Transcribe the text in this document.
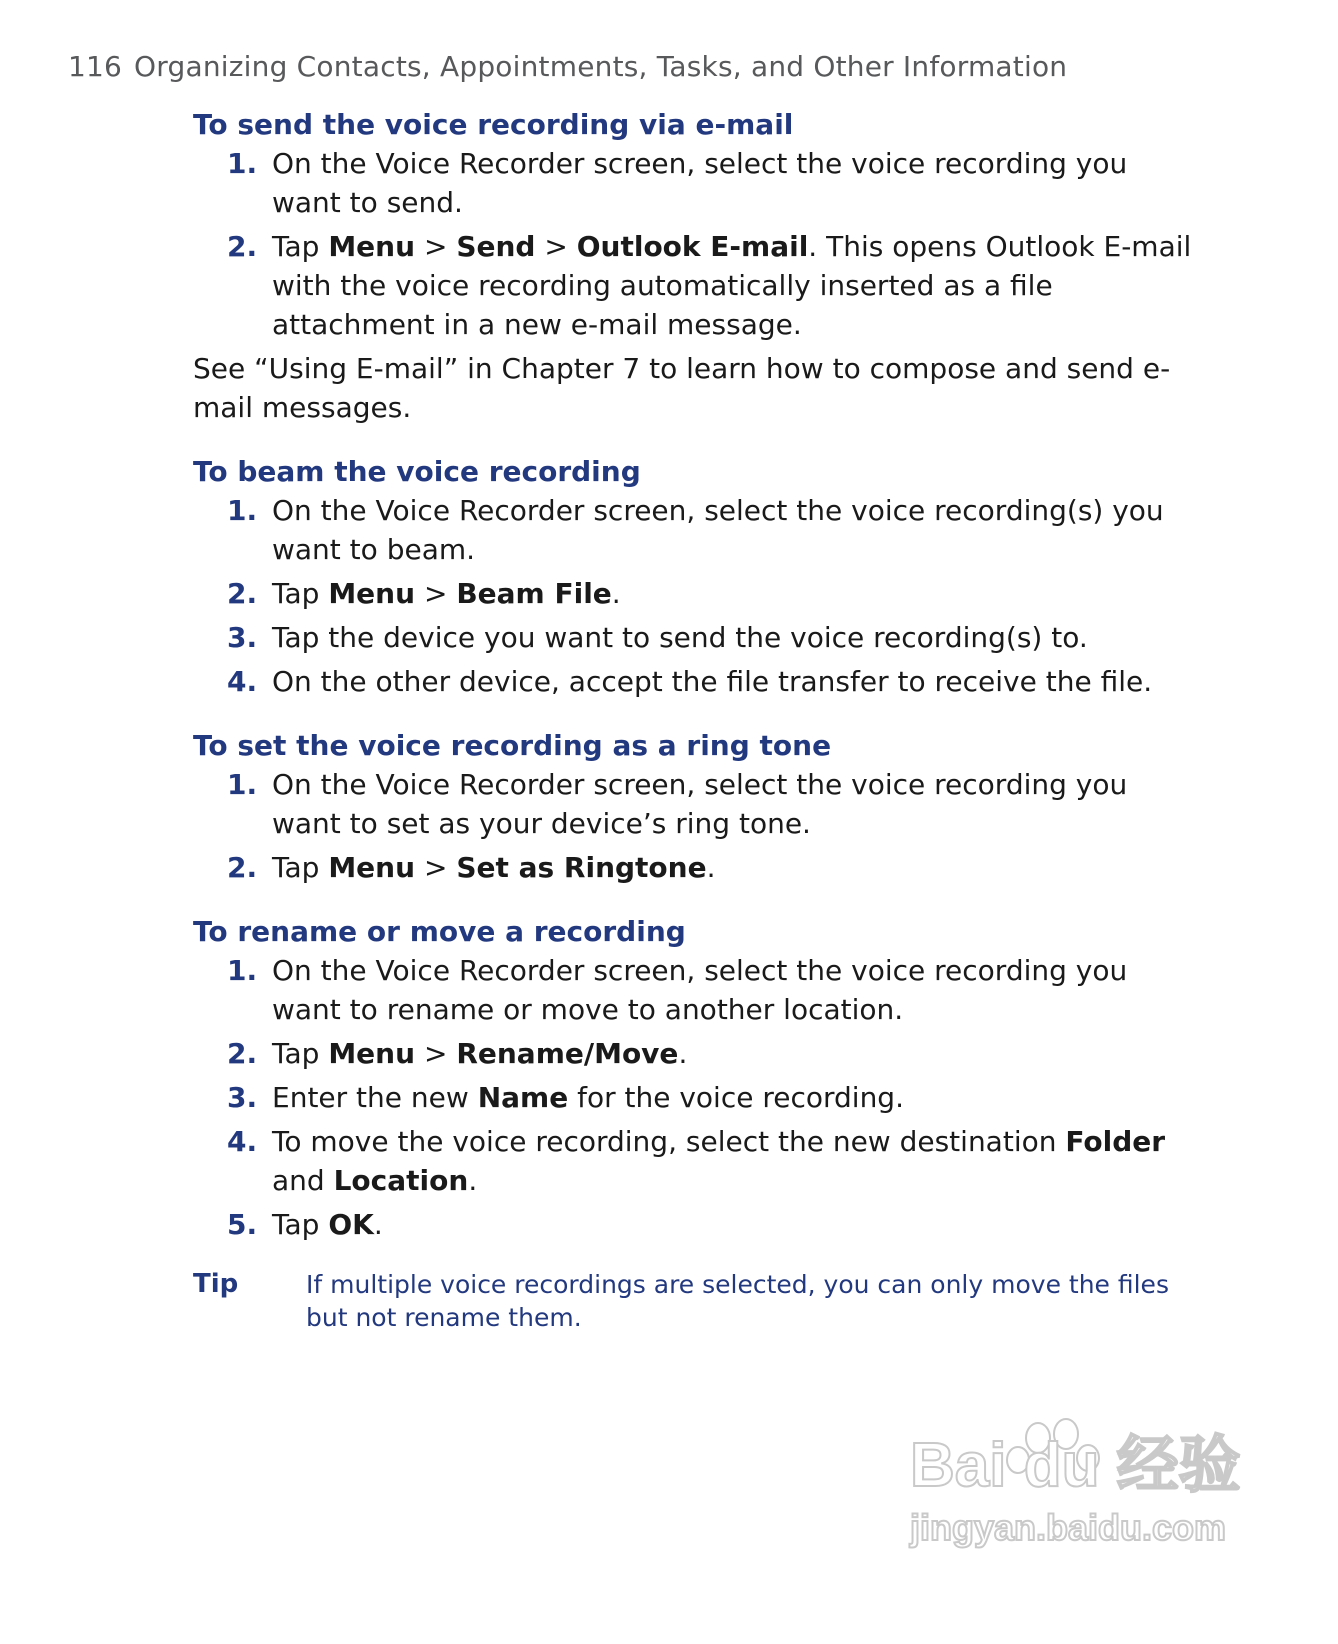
116 Organizing Contacts, Appointments, Tasks, and Other Information
To send the voice recording via e-mail
1. On the Voice Recorder screen, select the voice recording you want to send.
2. Tap Menu > Send > Outlook E-mail. This opens Outlook E-mail with the voice recording automatically inserted as a file attachment in a new e-mail message.

See “Using E-mail” in Chapter 7 to learn how to compose and send e-mail messages.

To beam the voice recording
1. On the Voice Recorder screen, select the voice recording(s) you want to beam.
2. Tap Menu > Beam File.
3. Tap the device you want to send the voice recording(s) to.
4. On the other device, accept the file transfer to receive the file.
To set the voice recording as a ring tone
1. On the Voice Recorder screen, select the voice recording you want to set as your device’s ring tone.
2. Tap Menu > Set as Ringtone.
To rename or move a recording
1. On the Voice Recorder screen, select the voice recording you want to rename or move to another location.
2. Tap Menu > Rename/Move.
3. Enter the new Name for the voice recording.
4. To move the voice recording, select the new destination Folder and Location.
5. Tap OK.
Tip	If multiple voice recordings are selected, you can only move the files but not rename them.
Bai du 经验
jingyan.baidu.com
